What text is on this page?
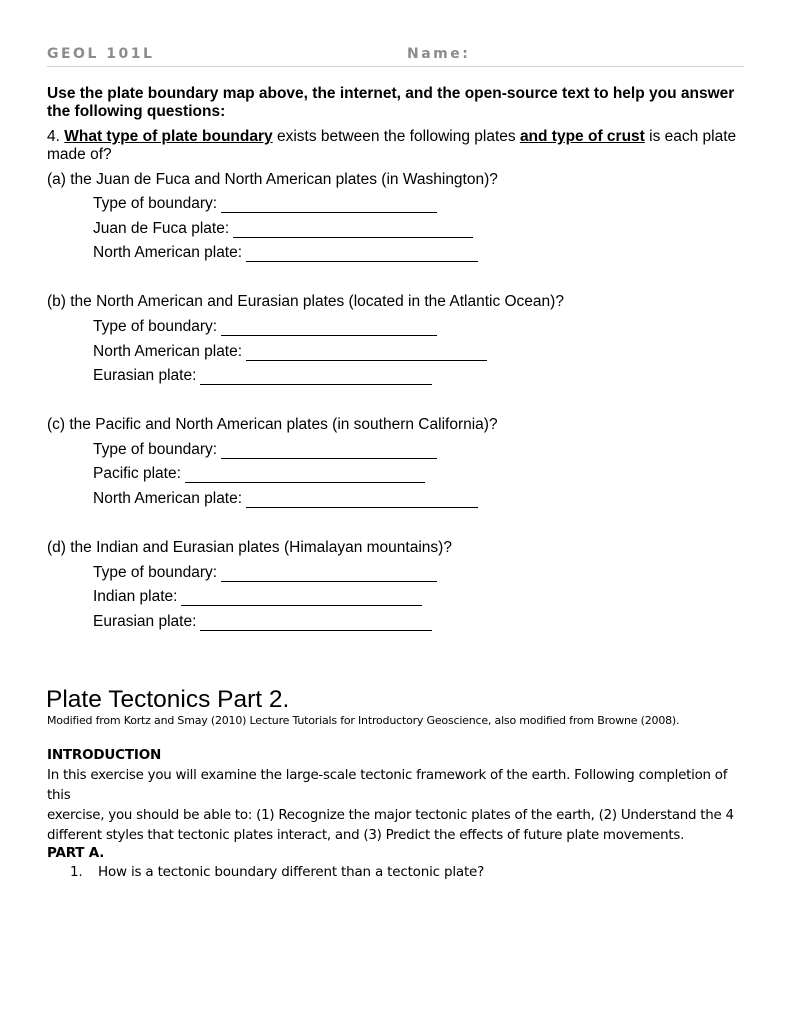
GEOL 101L	Name:
Use the plate boundary map above, the internet, and the open-source text to help you answer the following questions:
4. What type of plate boundary exists between the following plates and type of crust is each plate made of?
(a) the Juan de Fuca and North American plates (in Washington)?
Type of boundary:
Juan de Fuca plate:
North American plate:
(b) the North American and Eurasian plates (located in the Atlantic Ocean)?
Type of boundary:
North American plate:
Eurasian plate:
(c) the Pacific and North American plates (in southern California)?
Type of boundary:
Pacific plate:
North American plate:
(d) the Indian and Eurasian plates (Himalayan mountains)?
Type of boundary:
Indian plate:
Eurasian plate:
Plate Tectonics Part 2.
Modified from Kortz and Smay (2010) Lecture Tutorials for Introductory Geoscience, also modified from Browne (2008).
INTRODUCTION
In this exercise you will examine the large-scale tectonic framework of the earth. Following completion of this
exercise, you should be able to: (1) Recognize the major tectonic plates of the earth, (2) Understand the 4
different styles that tectonic plates interact, and (3) Predict the effects of future plate movements.
PART A.
1. How is a tectonic boundary different than a tectonic plate?
